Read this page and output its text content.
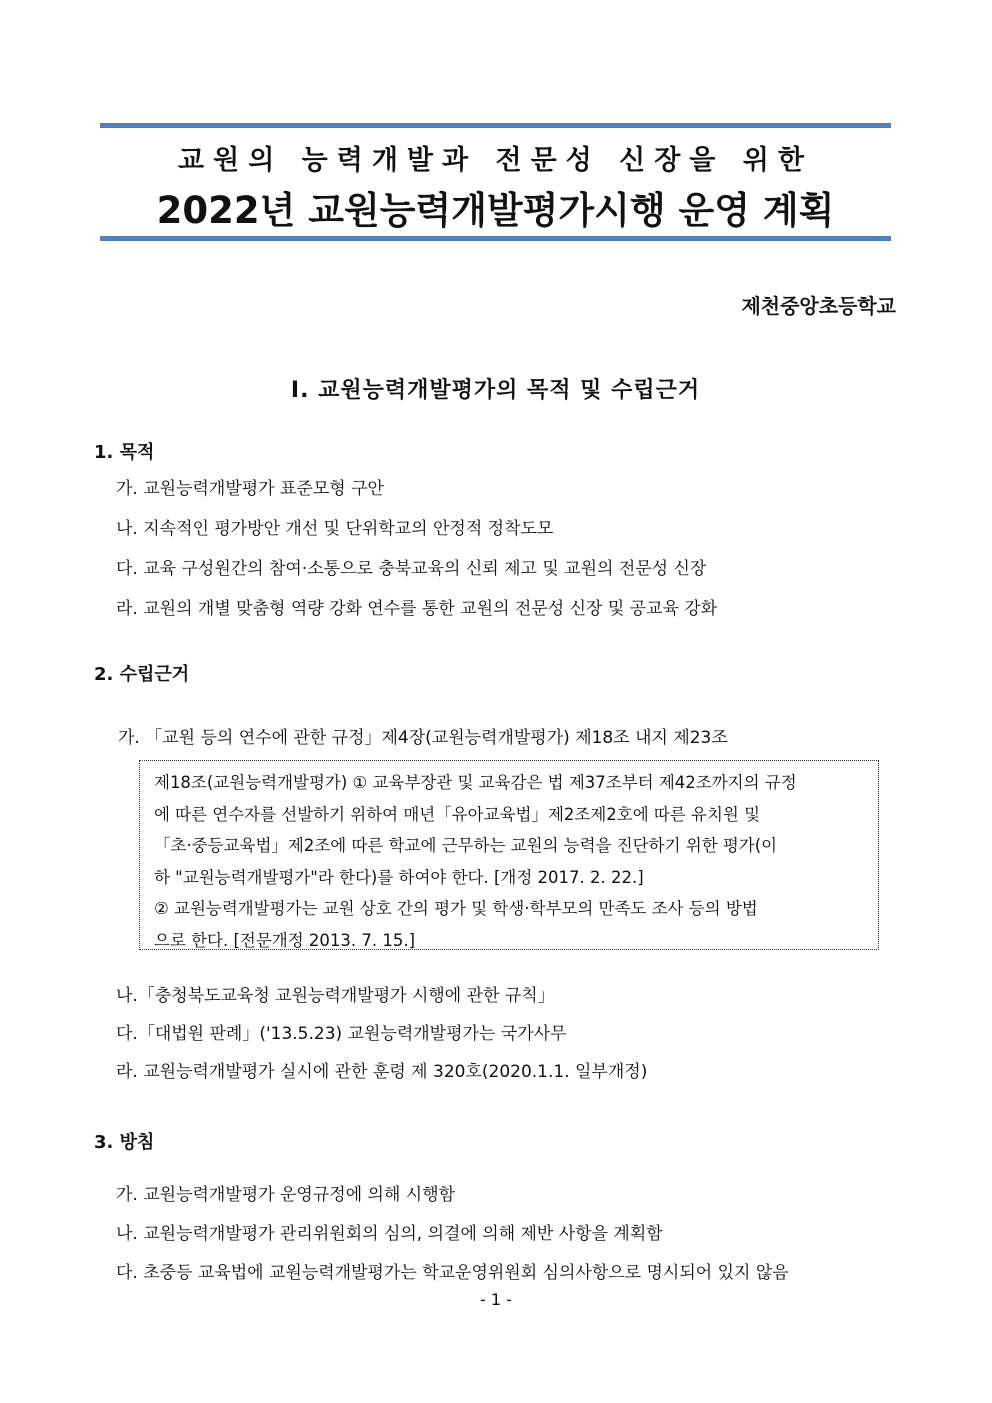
교원의 능력개발과 전문성 신장을 위한
2022년 교원능력개발평가시행 운영 계획
제천중앙초등학교
Ⅰ. 교원능력개발평가의 목적 및 수립근거
1. 목적
가. 교원능력개발평가 표준모형 구안
나. 지속적인 평가방안 개선 및 단위학교의 안정적 정착도모
다. 교육 구성원간의 참여·소통으로 충북교육의 신뢰 제고 및 교원의 전문성 신장
라. 교원의 개별 맞춤형 역량 강화 연수를 통한 교원의 전문성 신장 및 공교육 강화
2. 수립근거
가. 「교원 등의 연수에 관한 규정」제4장(교원능력개발평가) 제18조 내지 제23조
제18조(교원능력개발평가) ① 교육부장관 및 교육감은 법 제37조부터 제42조까지의 규정
에 따른 연수자를 선발하기 위하여 매년「유아교육법」제2조제2호에 따른 유치원 및
「초·중등교육법」제2조에 따른 학교에 근무하는 교원의 능력을 진단하기 위한 평가(이
하 "교원능력개발평가"라 한다)를 하여야 한다. [개정 2017. 2. 22.]
② 교원능력개발평가는 교원 상호 간의 평가 및 학생·학부모의 만족도 조사 등의 방법
으로 한다. [전문개정 2013. 7. 15.]
나.「충청북도교육청 교원능력개발평가 시행에 관한 규칙」
다.「대법원 판례」('13.5.23) 교원능력개발평가는 국가사무
라. 교원능력개발평가 실시에 관한 훈령 제 320호(2020.1.1. 일부개정)
3. 방침
가. 교원능력개발평가 운영규정에 의해 시행함
나. 교원능력개발평가 관리위원회의 심의, 의결에 의해 제반 사항을 계획함
다. 초중등 교육법에 교원능력개발평가는 학교운영위원회 심의사항으로 명시되어 있지 않음
- 1 -
